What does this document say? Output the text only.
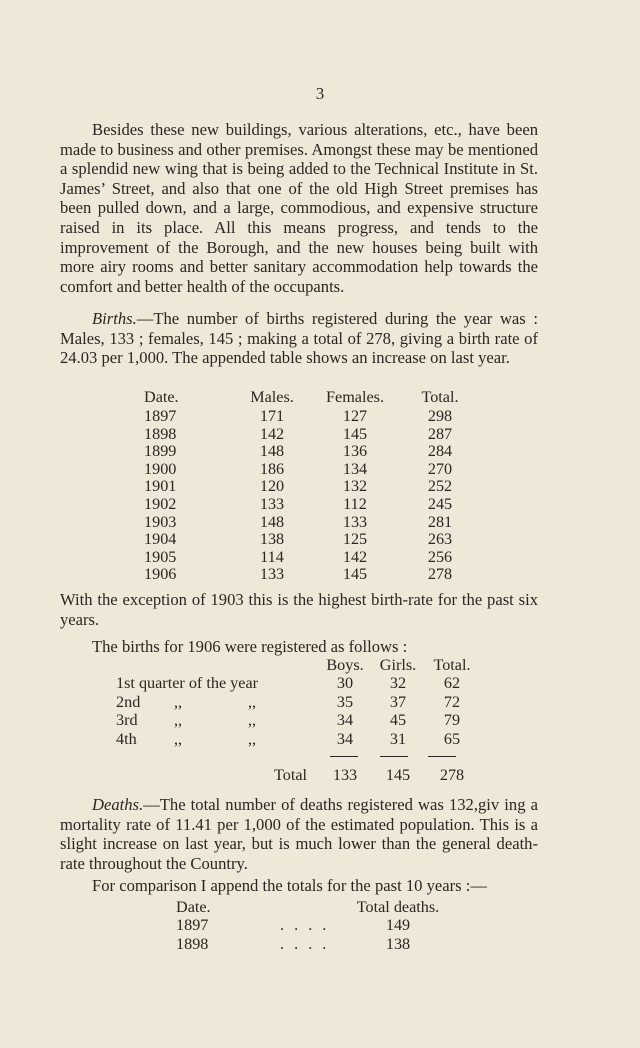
3
Besides these new buildings, various alterations, etc., have been made to business and other premises. Amongst these may be mentioned a splendid new wing that is being added to the Technical Institute in St. James’ Street, and also that one of the old High Street premises has been pulled down, and a large, commodious, and expensive structure raised in its place. All this means progress, and tends to the improvement of the Borough, and the new houses being built with more airy rooms and better sanitary accommodation help towards the comfort and better health of the occupants.
Births.—The number of births registered during the year was : Males, 133 ; females, 145 ; making a total of 278, giving a birth rate of 24.03 per 1,000. The appended table shows an increase on last year.
Date.	Males.	Females.	Total.
1897	171	127	298
1898	142	145	287
1899	148	136	284
1900	186	134	270
1901	120	132	252
1902	133	112	245
1903	148	133	281
1904	138	125	263
1905	114	142	256
1906	133	145	278
With the exception of 1903 this is the highest birth-rate for the past six years.
The births for 1906 were registered as follows :
Boys. Girls.	Total.
1st quarter of the year	30	32	62
2nd ,,	,,	35	37	72
3rd ,,	,,	34	45	79
4th ,,	,,	34	31	65
Total	133	145	278
Deaths.—The total number of deaths registered was 132,giv ing a mortality rate of 11.41 per 1,000 of the estimated population. This is a slight increase on last year, but is much lower than the general death-rate throughout the Country.
For comparison I append the totals for the past 10 years :—
Date.	Total deaths.
1897	. . . .	149
1898	. . . .	138
